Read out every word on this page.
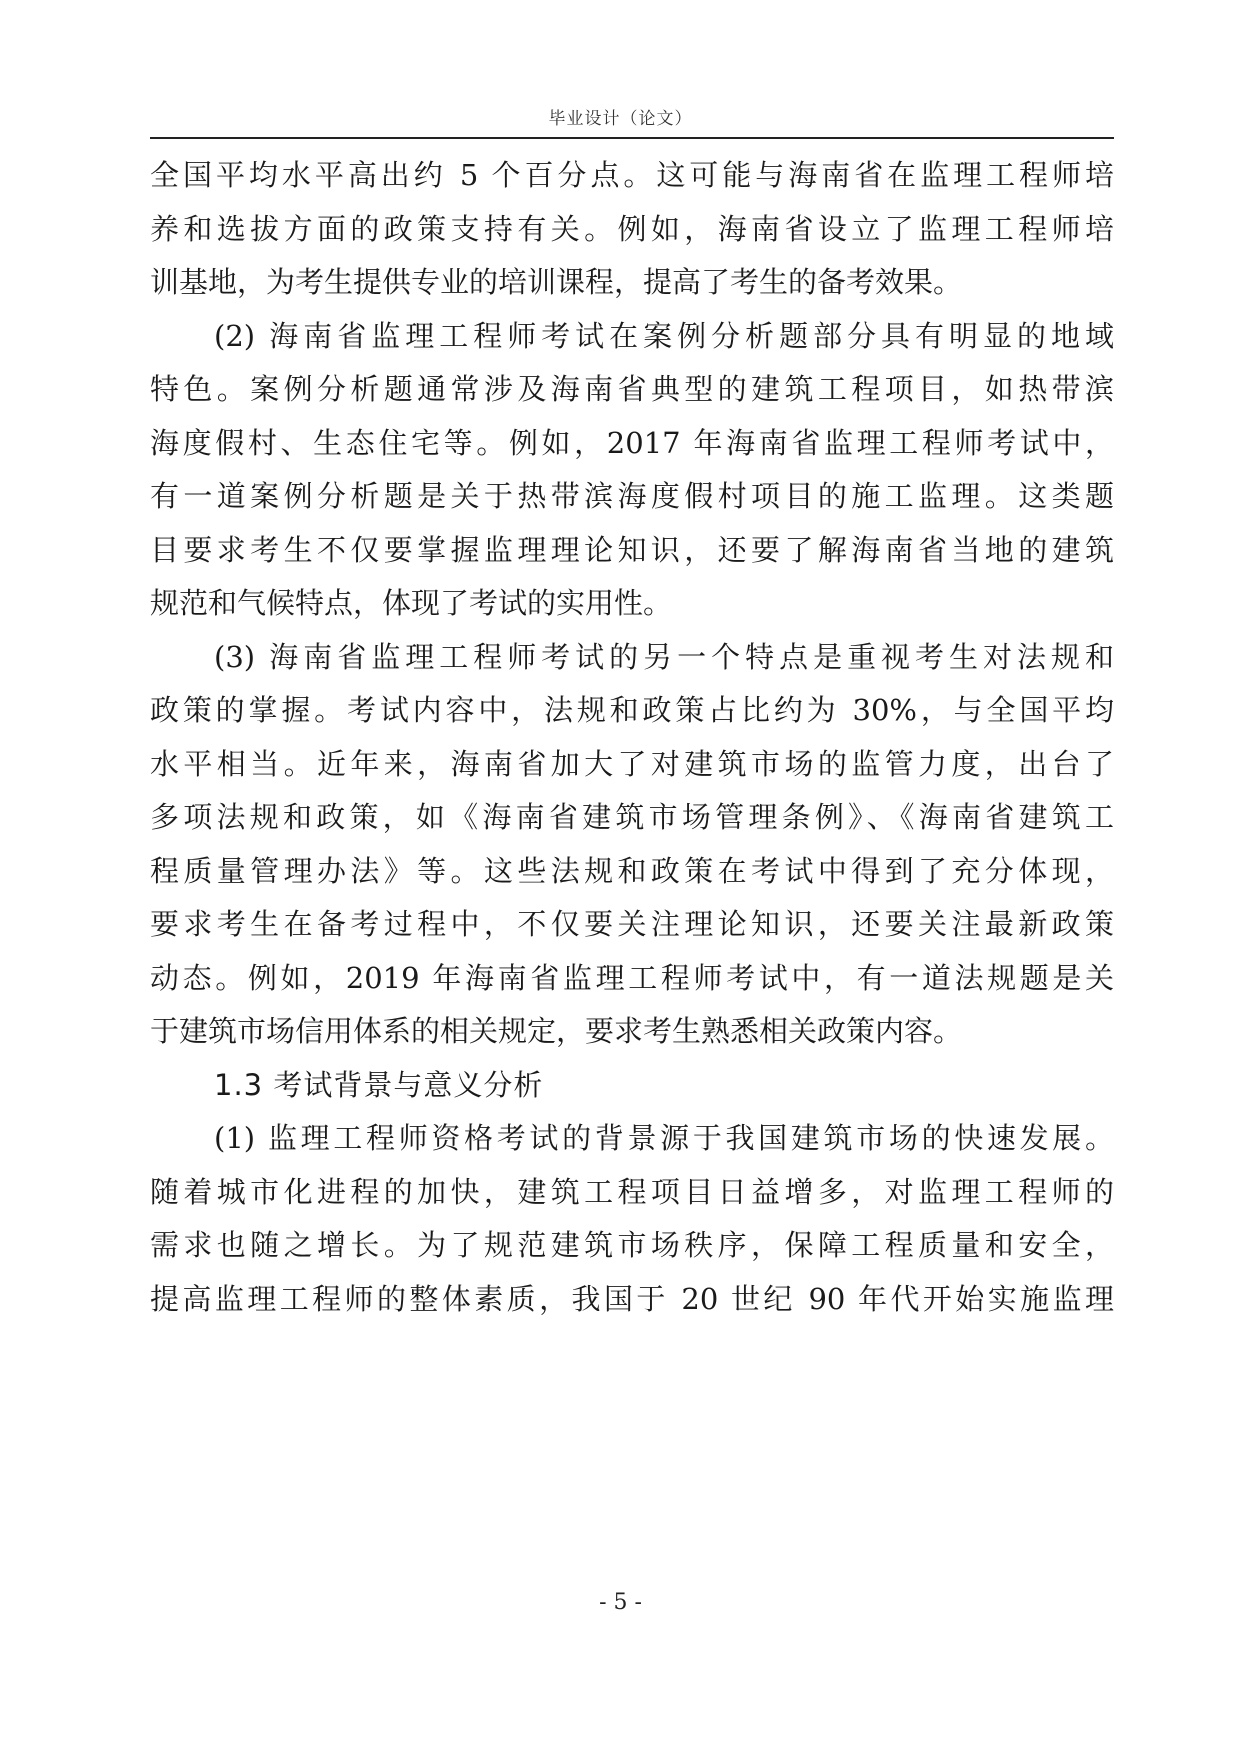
毕业设计（论文）
全国平均水平高出约 5 个百分点。这可能与海南省在监理工程师培
养和选拔方面的政策支持有关。例如，海南省设立了监理工程师培
训基地，为考生提供专业的培训课程，提高了考生的备考效果。
(2) 海南省监理工程师考试在案例分析题部分具有明显的地域
特色。案例分析题通常涉及海南省典型的建筑工程项目，如热带滨
海度假村、生态住宅等。例如，2017 年海南省监理工程师考试中，
有一道案例分析题是关于热带滨海度假村项目的施工监理。这类题
目要求考生不仅要掌握监理理论知识，还要了解海南省当地的建筑
规范和气候特点，体现了考试的实用性。
(3) 海南省监理工程师考试的另一个特点是重视考生对法规和
政策的掌握。考试内容中，法规和政策占比约为 30%，与全国平均
水平相当。近年来，海南省加大了对建筑市场的监管力度，出台了
多项法规和政策，如《海南省建筑市场管理条例》、《海南省建筑工
程质量管理办法》等。这些法规和政策在考试中得到了充分体现，
要求考生在备考过程中，不仅要关注理论知识，还要关注最新政策
动态。例如，2019 年海南省监理工程师考试中，有一道法规题是关
于建筑市场信用体系的相关规定，要求考生熟悉相关政策内容。
1.3 考试背景与意义分析
(1) 监理工程师资格考试的背景源于我国建筑市场的快速发展。
随着城市化进程的加快，建筑工程项目日益增多，对监理工程师的
需求也随之增长。为了规范建筑市场秩序，保障工程质量和安全，
提高监理工程师的整体素质，我国于 20 世纪 90 年代开始实施监理
- 5 -
